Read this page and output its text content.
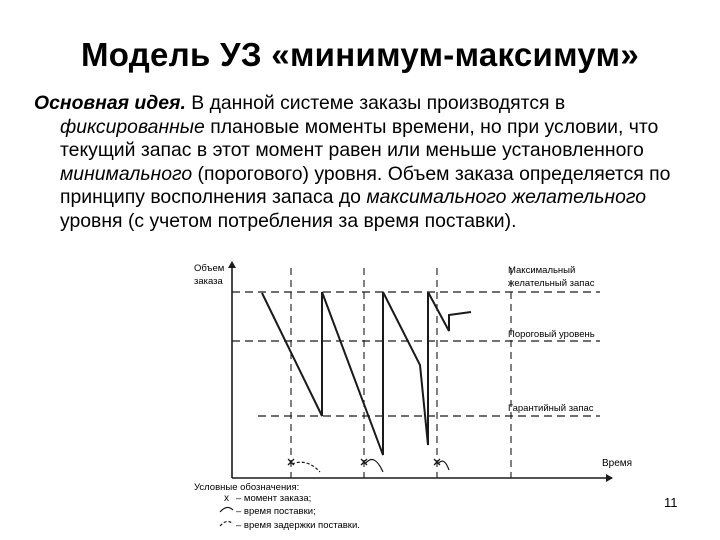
Модель УЗ «минимум-максимум»

Основная идея. В данной системе заказы производятся в фиксированные плановые моменты времени, но при условии, что текущий запас в этот момент равен или меньше установленного минимального (порогового) уровня. Объем заказа определяется по принципу восполнения запаса до максимального желательного уровня (с учетом потребления за время поставки).

Объем
заказа
Время
Максимальный
желательный запас
Пороговый уровень
Гарантийный запас
Условные обозначения:
x – момент заказа;
– время поставки;
– время задержки поставки.
11
